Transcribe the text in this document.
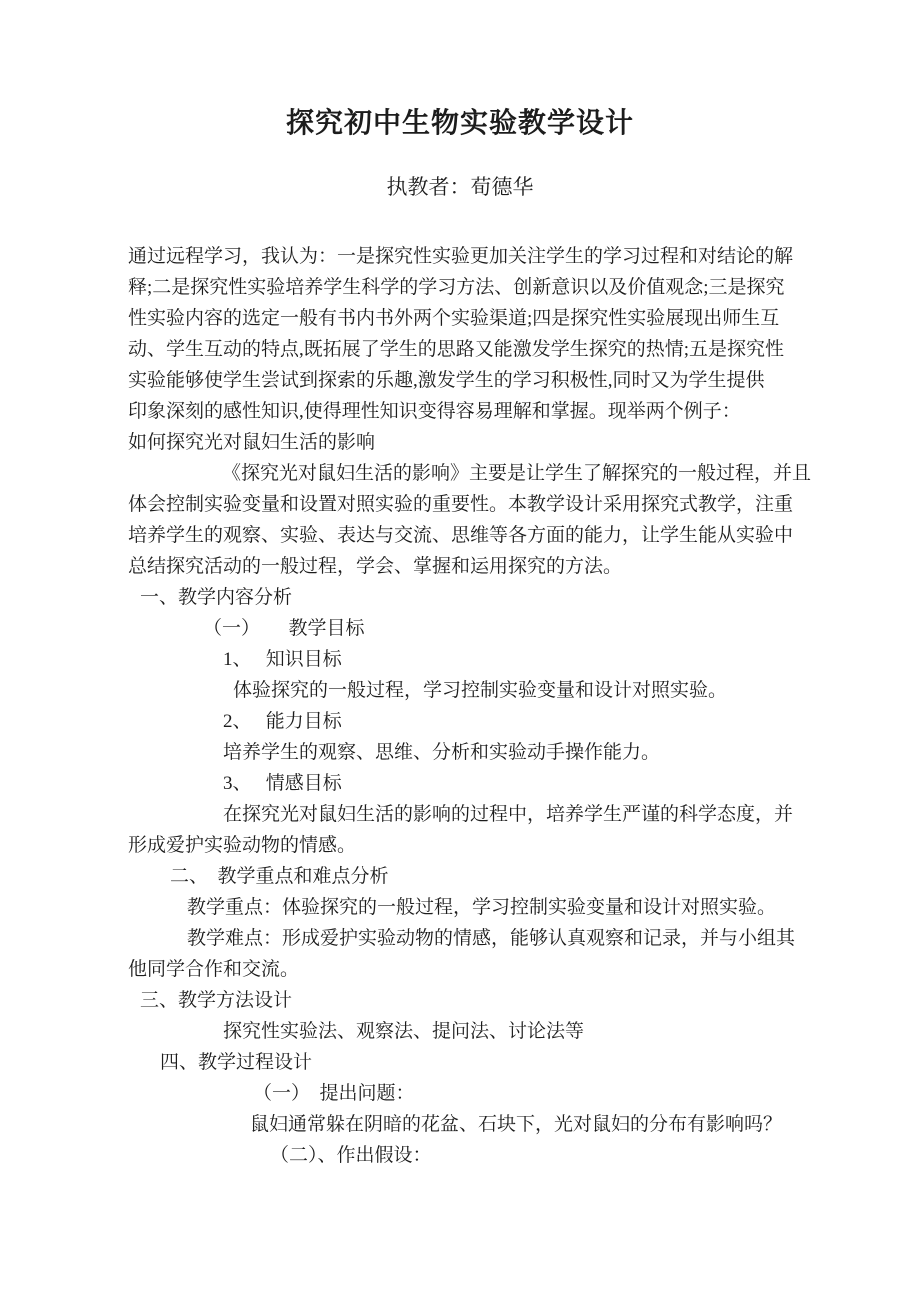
探究初中生物实验教学设计
执教者：荀德华
通过远程学习，我认为：一是探究性实验更加关注学生的学习过程和对结论的解
释;二是探究性实验培养学生科学的学习方法、创新意识以及价值观念;三是探究
性实验内容的选定一般有书内书外两个实验渠道;四是探究性实验展现出师生互
动、学生互动的特点,既拓展了学生的思路又能激发学生探究的热情;五是探究性
实验能够使学生尝试到探索的乐趣,激发学生的学习积极性,同时又为学生提供
印象深刻的感性知识,使得理性知识变得容易理解和掌握。现举两个例子：
如何探究光对鼠妇生活的影响
《探究光对鼠妇生活的影响》主要是让学生了解探究的一般过程，并且
体会控制实验变量和设置对照实验的重要性。本教学设计采用探究式教学，注重
培养学生的观察、实验、表达与交流、思维等各方面的能力，让学生能从实验中
总结探究活动的一般过程，学会、掌握和运用探究的方法。
一、教学内容分析
（一）　　教学目标
1、　 知识目标
体验探究的一般过程，学习控制实验变量和设计对照实验。
2、　 能力目标
培养学生的观察、思维、分析和实验动手操作能力。
3、　 情感目标
在探究光对鼠妇生活的影响的过程中，培养学生严谨的科学态度，并
形成爱护实验动物的情感。
二、　教学重点和难点分析
教学重点：体验探究的一般过程，学习控制实验变量和设计对照实验。
教学难点：形成爱护实验动物的情感，能够认真观察和记录，并与小组其
他同学合作和交流。
三、教学方法设计
探究性实验法、观察法、提问法、讨论法等
四、教学过程设计
（一）　提出问题：
鼠妇通常躲在阴暗的花盆、石块下，光对鼠妇的分布有影响吗？
（二）、作出假设：
